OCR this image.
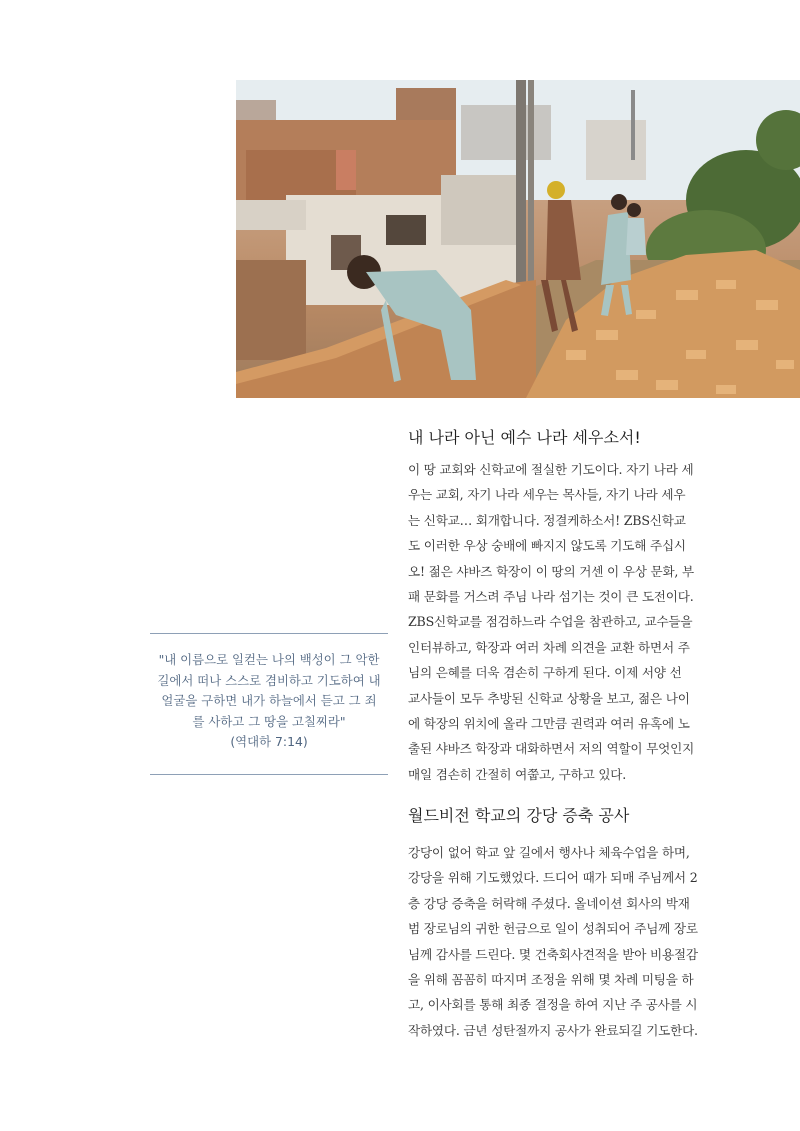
내 나라 아닌 예수 나라 세우소서!

이 땅 교회와 신학교에 절실한 기도이다. 자기 나라 세
우는 교회, 자기 나라 세우는 목사들, 자기 나라 세우
는 신학교… 회개합니다. 정결케하소서! ZBS신학교
도 이러한 우상 숭배에 빠지지 않도록 기도해 주십시
오! 젊은 샤바즈 학장이 이 땅의 거센 이 우상 문화, 부
패 문화를 거스려 주님 나라 섬기는 것이 큰 도전이다.
ZBS신학교를 점검하느라 수업을 참관하고, 교수들을
인터뷰하고, 학장과 여러 차례 의견을 교환 하면서 주
님의 은혜를 더욱 겸손히 구하게 된다. 이제 서양 선
교사들이 모두 추방된 신학교 상황을 보고, 젊은 나이
에 학장의 위치에 올라 그만큼 권력과 여러 유혹에 노
출된 샤바즈 학장과 대화하면서 저의 역할이 무엇인지
매일 겸손히 간절히 여쭙고, 구하고 있다.

"내 이름으로 일컫는 나의 백성이 그 악한
길에서 떠나 스스로 겸비하고 기도하여 내
얼굴을 구하면 내가 하늘에서 듣고 그 죄
를 사하고 그 땅을 고칠찌라"
(역대하 7:14)
월드비전 학교의 강당 증축 공사

강당이 없어 학교 앞 길에서 행사나 체육수업을 하며,
강당을 위해 기도했었다. 드디어 때가 되매 주님께서 2
층 강당 증축을 허락해 주셨다. 올네이션 회사의 박재
범 장로님의 귀한 헌금으로 일이 성취되어 주님께 장로
님께 감사를 드린다. 몇 건축회사견적을 받아 비용절감
을 위해 꼼꼼히 따지며 조정을 위해 몇 차례 미팅을 하
고, 이사회를 통해 최종 결정을 하여 지난 주 공사를 시
작하였다. 금년 성탄절까지 공사가 완료되길 기도한다.
